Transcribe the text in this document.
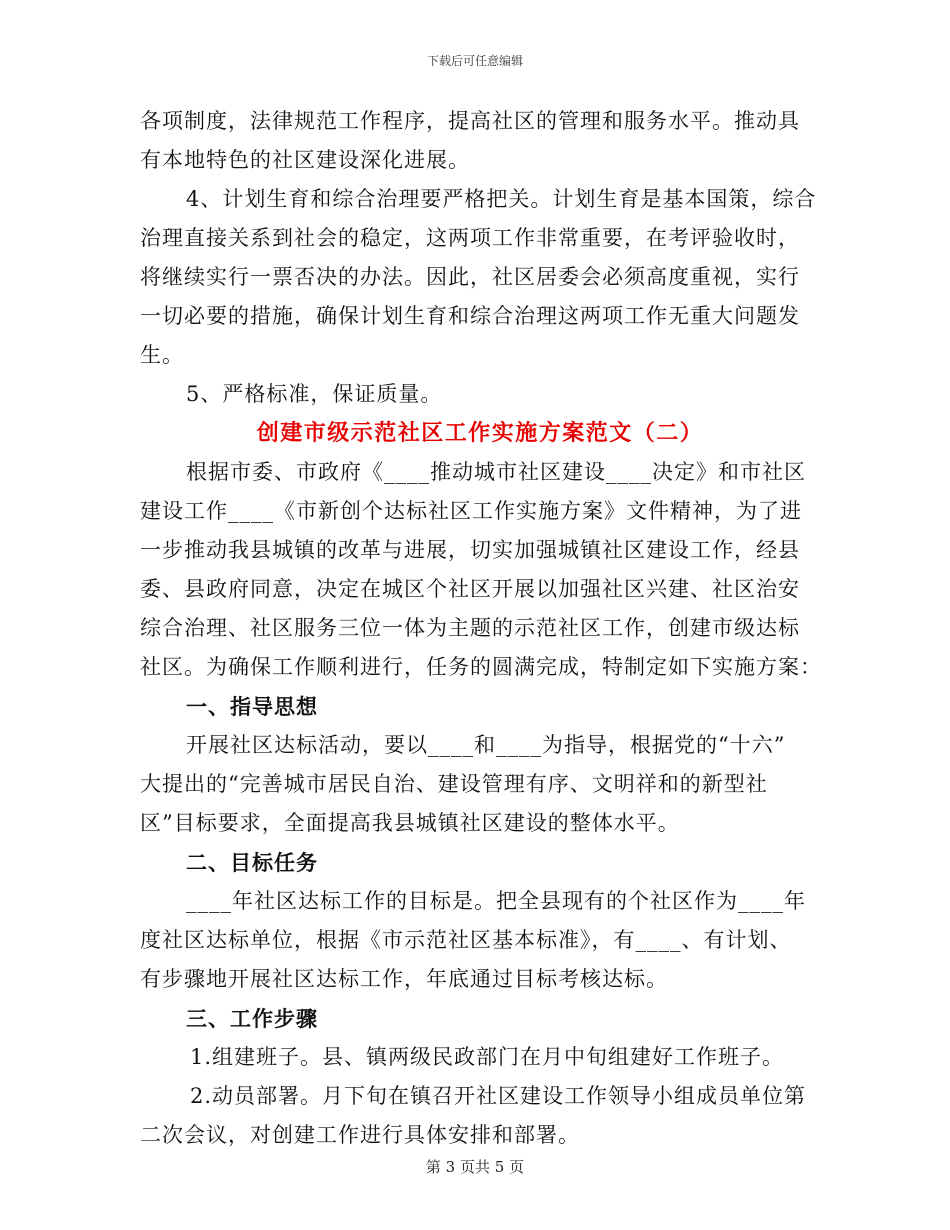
下载后可任意编辑
各项制度，法律规范工作程序，提高社区的管理和服务水平。推动具
有本地特色的社区建设深化进展。
4、计划生育和综合治理要严格把关。计划生育是基本国策，综合
治理直接关系到社会的稳定，这两项工作非常重要，在考评验收时，
将继续实行一票否决的办法。因此，社区居委会必须高度重视，实行
一切必要的措施，确保计划生育和综合治理这两项工作无重大问题发
生。
5、严格标准，保证质量。
创建市级示范社区工作实施方案范文（二）
根据市委、市政府《____推动城市社区建设____决定》和市社区
建设工作____《市新创个达标社区工作实施方案》文件精神，为了进
一步推动我县城镇的改革与进展，切实加强城镇社区建设工作，经县
委、县政府同意，决定在城区个社区开展以加强社区兴建、社区治安
综合治理、社区服务三位一体为主题的示范社区工作，创建市级达标
社区。为确保工作顺利进行，任务的圆满完成，特制定如下实施方案：
一、指导思想
开展社区达标活动，要以____和____为指导，根据党的“十六”
大提出的“完善城市居民自治、建设管理有序、文明祥和的新型社
区”目标要求，全面提高我县城镇社区建设的整体水平。
二、目标任务
____年社区达标工作的目标是。把全县现有的个社区作为____年
度社区达标单位，根据《市示范社区基本标准》，有____、有计划、
有步骤地开展社区达标工作，年底通过目标考核达标。
三、工作步骤
1.组建班子。县、镇两级民政部门在月中旬组建好工作班子。
2.动员部署。月下旬在镇召开社区建设工作领导小组成员单位第
二次会议，对创建工作进行具体安排和部署。
第 3 页共 5 页
